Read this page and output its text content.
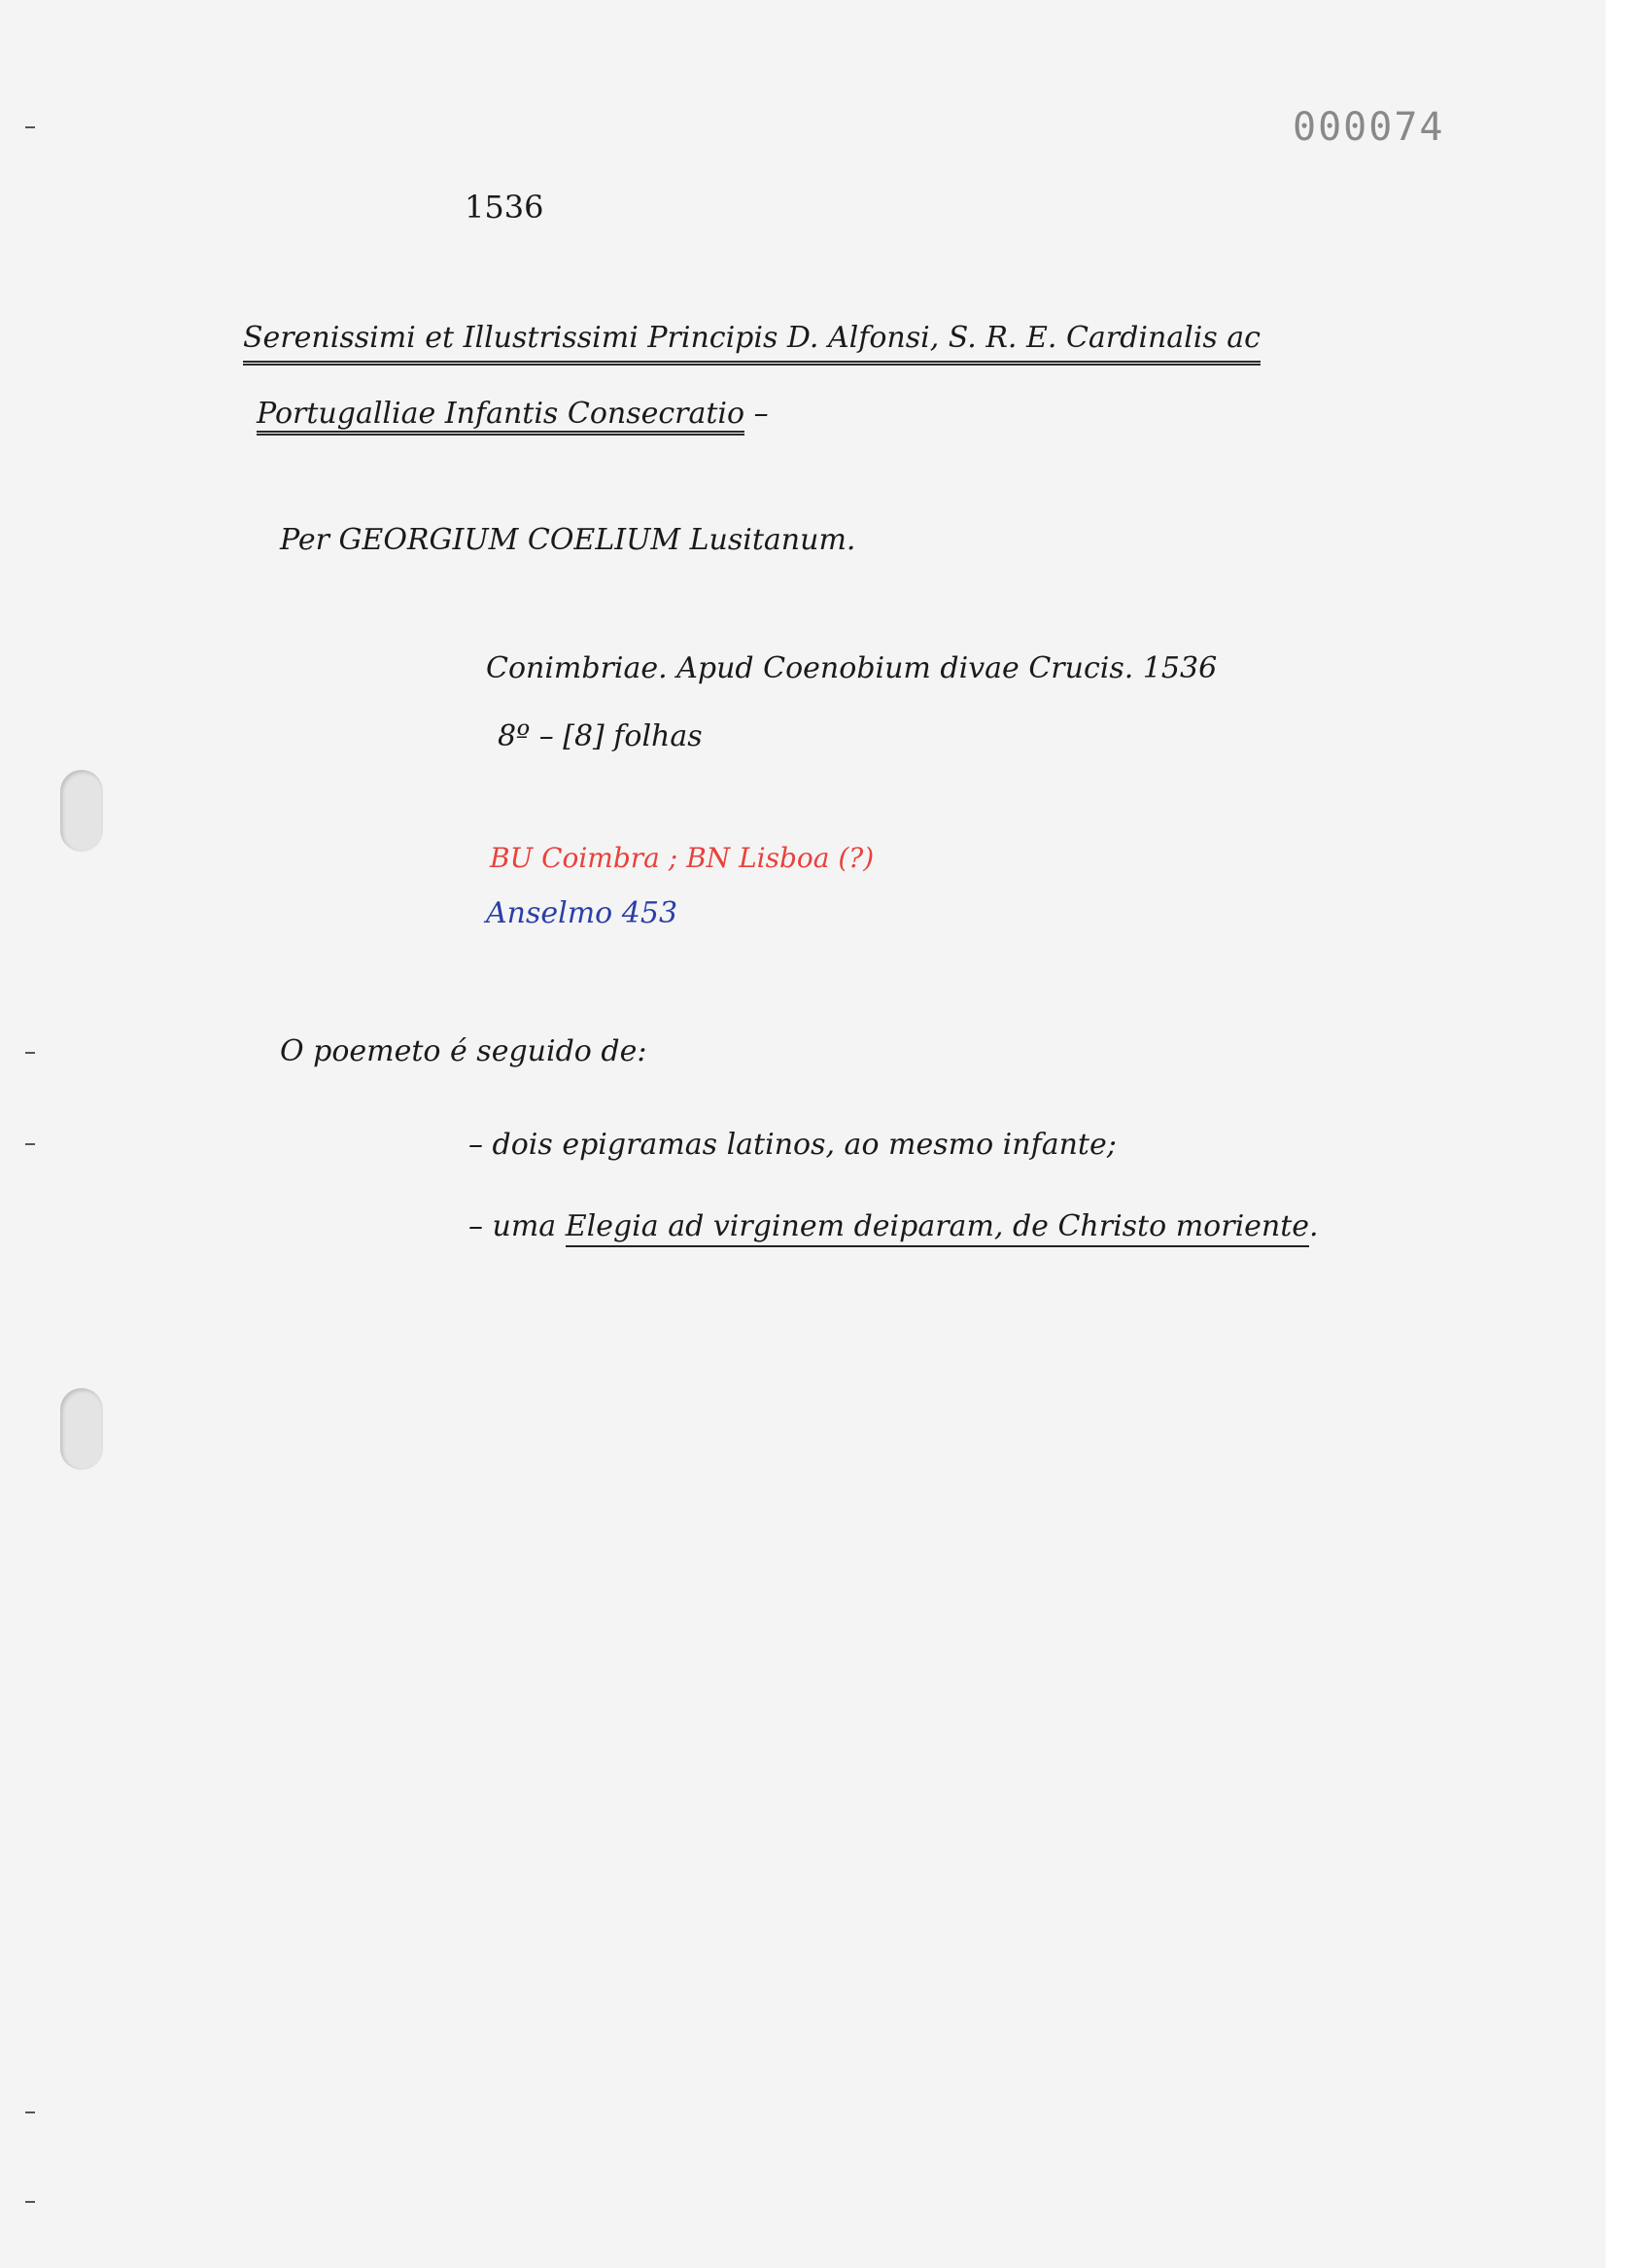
000074
1536
Serenissimi et Illustrissimi Principis D. Alfonsi, S. R. E. Cardinalis ac
Portugalliae Infantis Consecratio –
Per GEORGIUM COELIUM Lusitanum.
Conimbriae. Apud Coenobium divae Crucis. 1536
8º – [8] folhas
BU Coimbra ; BN Lisboa (?)
Anselmo 453
O poemeto é seguido de:
– dois epigramas latinos, ao mesmo infante;
– uma Elegia ad virginem deiparam, de Christo moriente.
